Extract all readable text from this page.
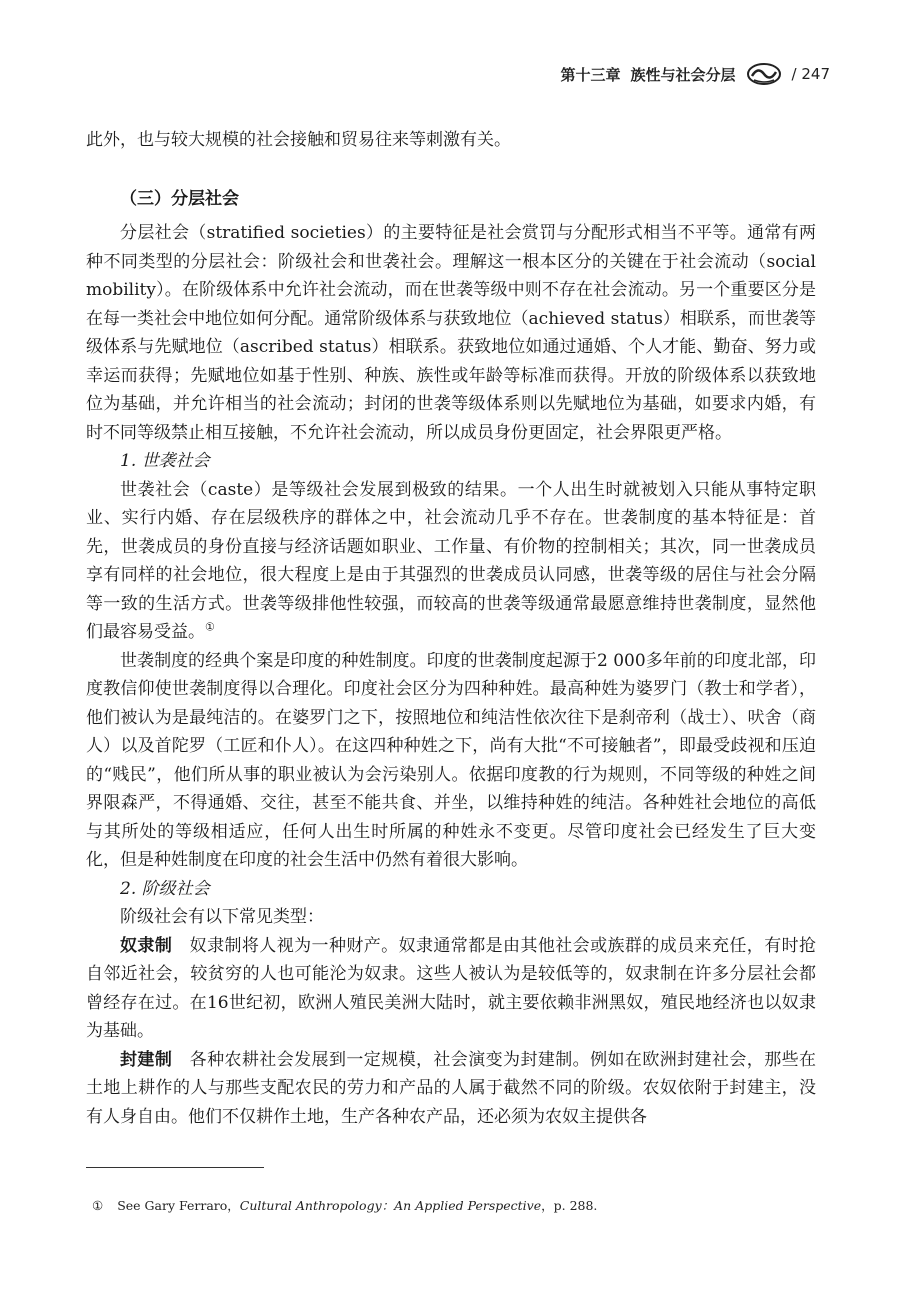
第十三章 族性与社会分层	/ 247

此外，也与较大规模的社会接触和贸易往来等刺激有关。

（三）分层社会

分层社会（stratified societies）的主要特征是社会赏罚与分配形式相当不平等。通常有两种不同类型的分层社会：阶级社会和世袭社会。理解这一根本区分的关键在于社会流动（social mobility）。在阶级体系中允许社会流动，而在世袭等级中则不存在社会流动。另一个重要区分是在每一类社会中地位如何分配。通常阶级体系与获致地位（achieved status）相联系，而世袭等级体系与先赋地位（ascribed status）相联系。获致地位如通过通婚、个人才能、勤奋、努力或幸运而获得；先赋地位如基于性别、种族、族性或年龄等标准而获得。开放的阶级体系以获致地位为基础，并允许相当的社会流动；封闭的世袭等级体系则以先赋地位为基础，如要求内婚，有时不同等级禁止相互接触，不允许社会流动，所以成员身份更固定，社会界限更严格。

1. 世袭社会

世袭社会（caste）是等级社会发展到极致的结果。一个人出生时就被划入只能从事特定职业、实行内婚、存在层级秩序的群体之中，社会流动几乎不存在。世袭制度的基本特征是：首先，世袭成员的身份直接与经济话题如职业、工作量、有价物的控制相关；其次，同一世袭成员享有同样的社会地位，很大程度上是由于其强烈的世袭成员认同感，世袭等级的居住与社会分隔等一致的生活方式。世袭等级排他性较强，而较高的世袭等级通常最愿意维持世袭制度，显然他们最容易受益。①

世袭制度的经典个案是印度的种姓制度。印度的世袭制度起源于2 000多年前的印度北部，印度教信仰使世袭制度得以合理化。印度社会区分为四种种姓。最高种姓为婆罗门（教士和学者），他们被认为是最纯洁的。在婆罗门之下，按照地位和纯洁性依次往下是刹帝利（战士）、吠舍（商人）以及首陀罗（工匠和仆人）。在这四种种姓之下，尚有大批“不可接触者”，即最受歧视和压迫的“贱民”，他们所从事的职业被认为会污染别人。依据印度教的行为规则，不同等级的种姓之间界限森严，不得通婚、交往，甚至不能共食、并坐，以维持种姓的纯洁。各种姓社会地位的高低与其所处的等级相适应，任何人出生时所属的种姓永不变更。尽管印度社会已经发生了巨大变化，但是种姓制度在印度的社会生活中仍然有着很大影响。

2. 阶级社会

阶级社会有以下常见类型：

奴隶制　 奴隶制将人视为一种财产。奴隶通常都是由其他社会或族群的成员来充任，有时抢自邻近社会，较贫穷的人也可能沦为奴隶。这些人被认为是较低等的，奴隶制在许多分层社会都曾经存在过。在16世纪初，欧洲人殖民美洲大陆时，就主要依赖非洲黑奴，殖民地经济也以奴隶为基础。

封建制　 各种农耕社会发展到一定规模，社会演变为封建制。例如在欧洲封建社会，那些在土地上耕作的人与那些支配农民的劳力和产品的人属于截然不同的阶级。农奴依附于封建主，没有人身自由。他们不仅耕作土地，生产各种农产品，还必须为农奴主提供各

① See Gary Ferraro，Cultural Anthropology：An Applied Perspective，p. 288.
